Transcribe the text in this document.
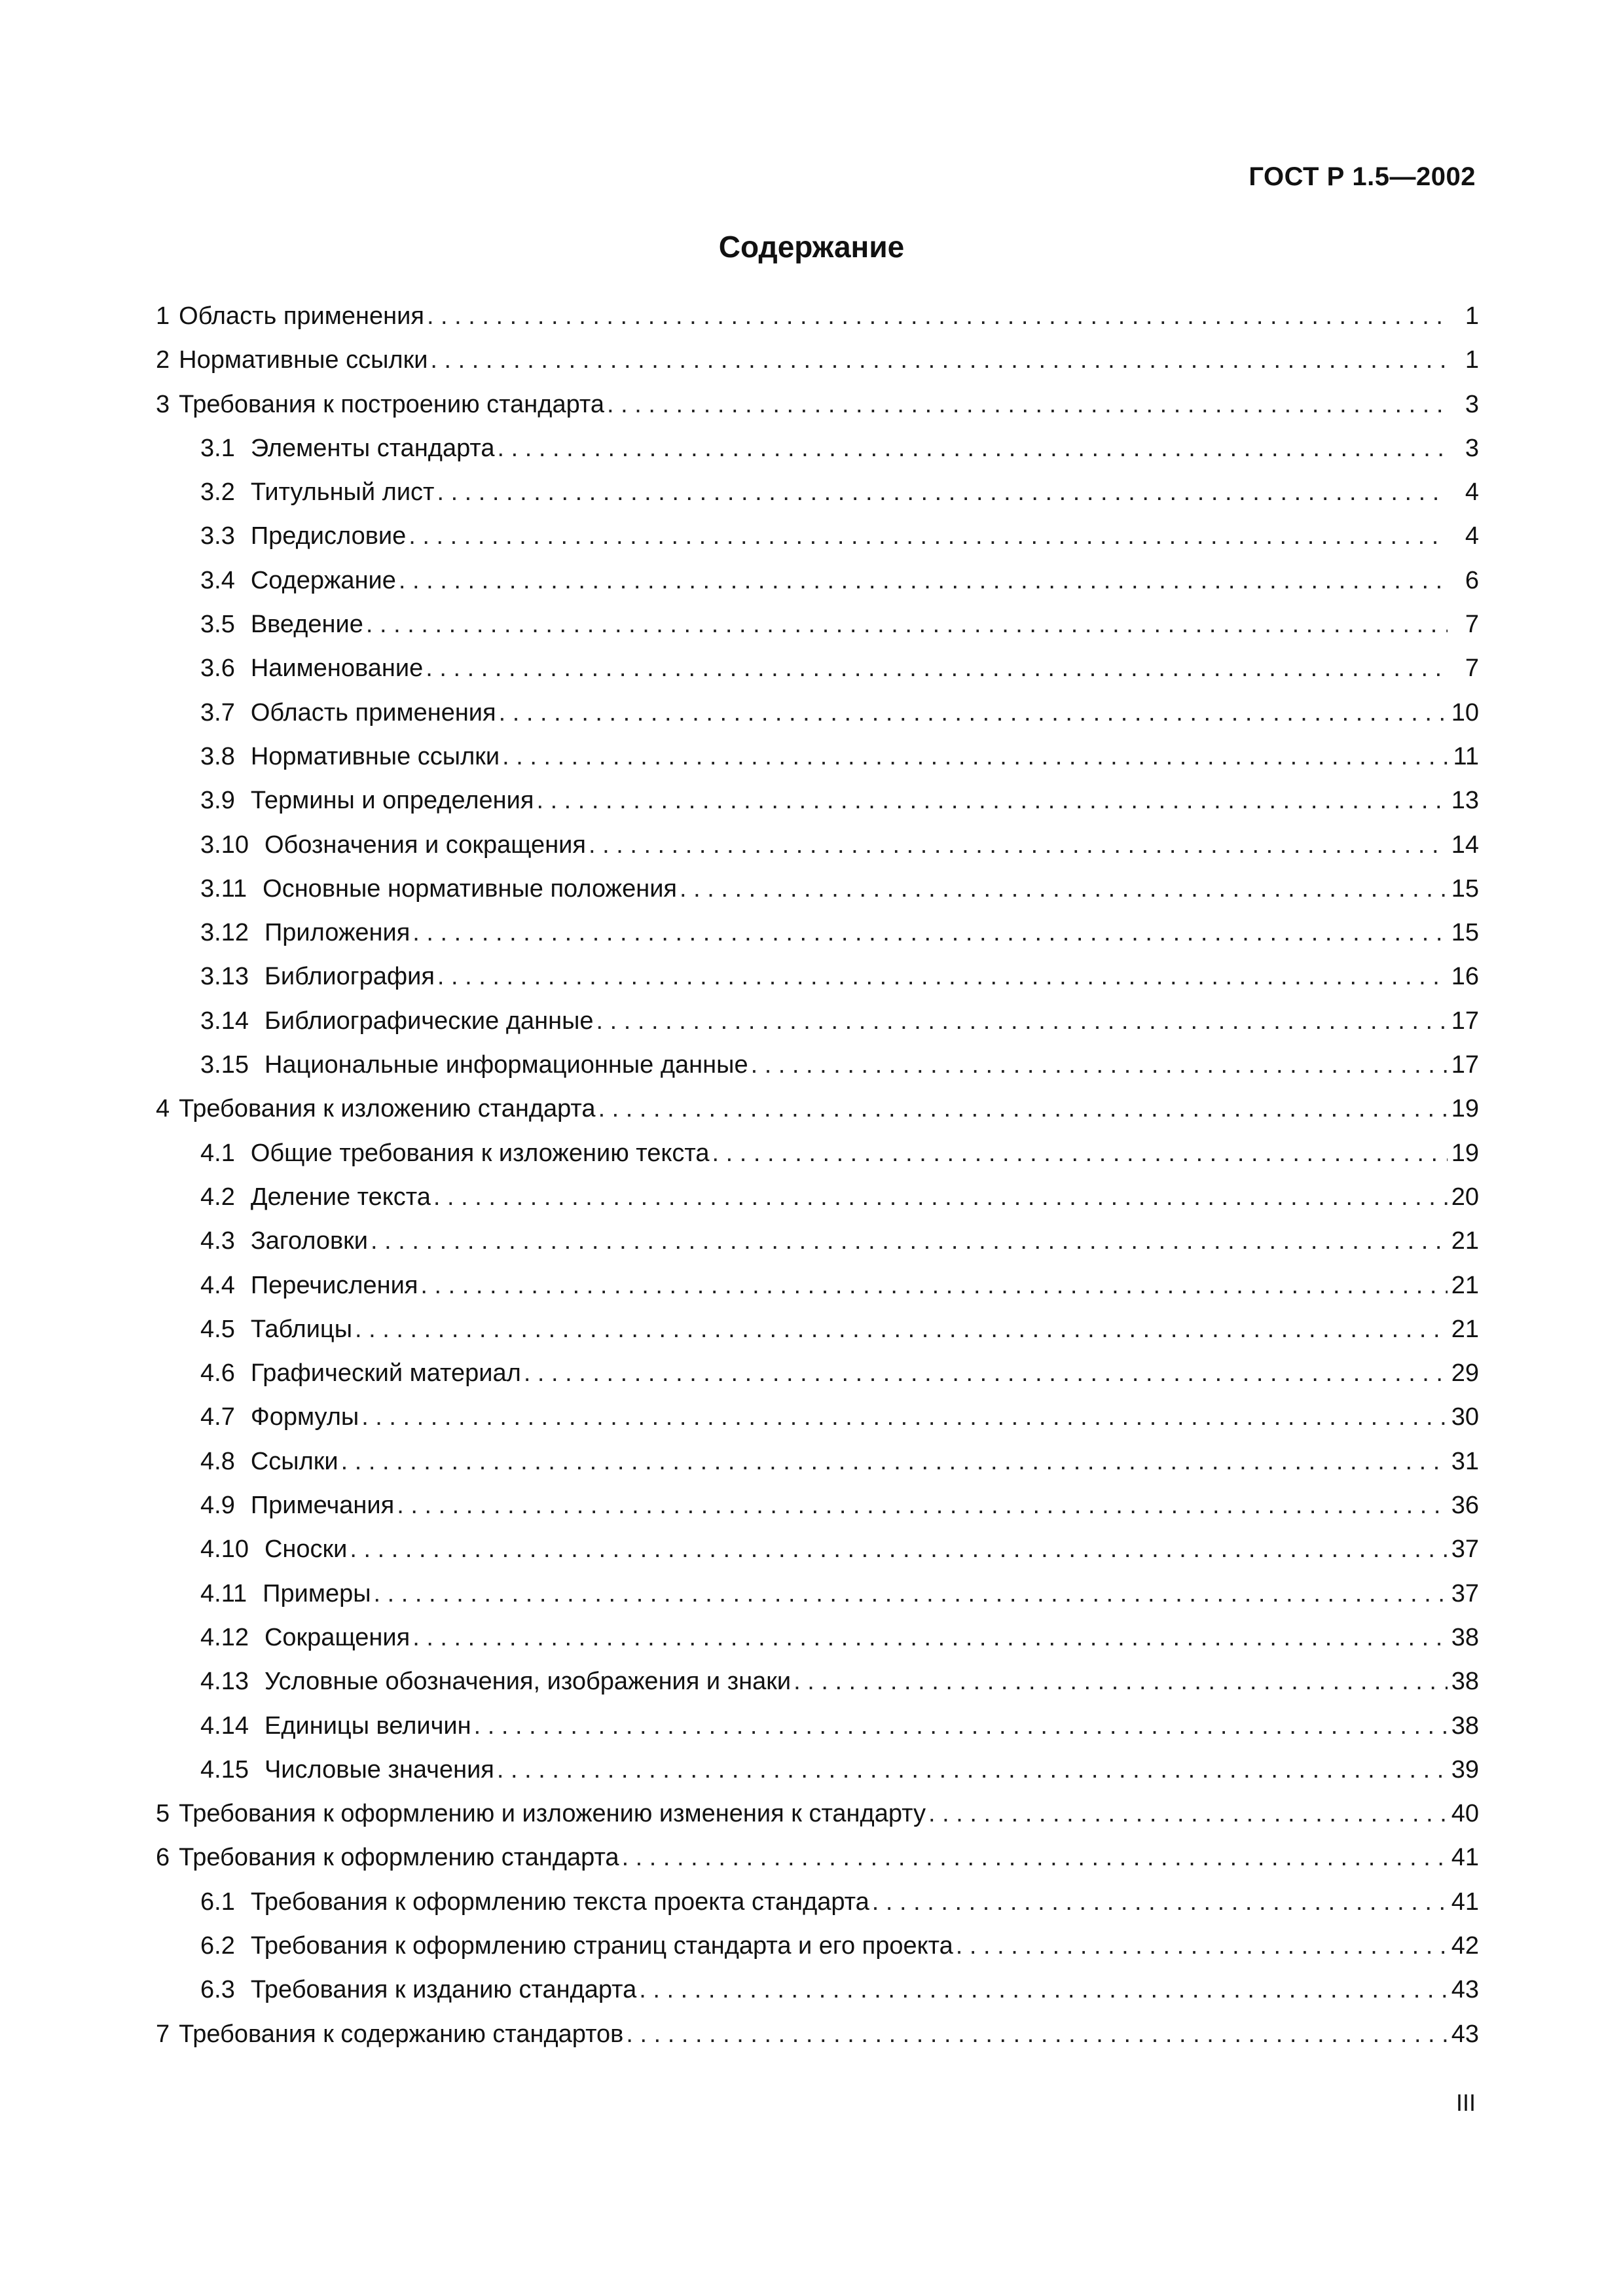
ГОСТ Р 1.5—2002
Содержание
1 Область применения . . .	1
2 Нормативные ссылки . . .	1
3 Требования к построению стандарта . . .	3
3.1 Элементы стандарта . . .	3
3.2 Титульный лист . . .	4
3.3 Предисловие . . .	4
3.4 Содержание . . .	6
3.5 Введение . . .	7
3.6 Наименование . . .	7
3.7 Область применения . . .	10
3.8 Нормативные ссылки . . .	11
3.9 Термины и определения . . .	13
3.10 Обозначения и сокращения . . .	14
3.11 Основные нормативные положения . . .	15
3.12 Приложения . . .	15
3.13 Библиография . . .	16
3.14 Библиографические данные . . .	17
3.15 Национальные информационные данные . . .	17
4 Требования к изложению стандарта . . .	19
4.1 Общие требования к изложению текста . . .	19
4.2 Деление текста . . .	20
4.3 Заголовки . . .	21
4.4 Перечисления . . .	21
4.5 Таблицы . . .	21
4.6 Графический материал . . .	29
4.7 Формулы . . .	30
4.8 Ссылки . . .	31
4.9 Примечания . . .	36
4.10 Сноски . . .	37
4.11 Примеры . . .	37
4.12 Сокращения . . .	38
4.13 Условные обозначения, изображения и знаки . . .	38
4.14 Единицы величин . . .	38
4.15 Числовые значения . . .	39
5 Требования к оформлению и изложению изменения к стандарту . . .	40
6 Требования к оформлению стандарта . . .	41
6.1 Требования к оформлению текста проекта стандарта . . .	41
6.2 Требования к оформлению страниц стандарта и его проекта . . .	42
6.3 Требования к изданию стандарта . . .	43
7 Требования к содержанию стандартов . . .	43
III
